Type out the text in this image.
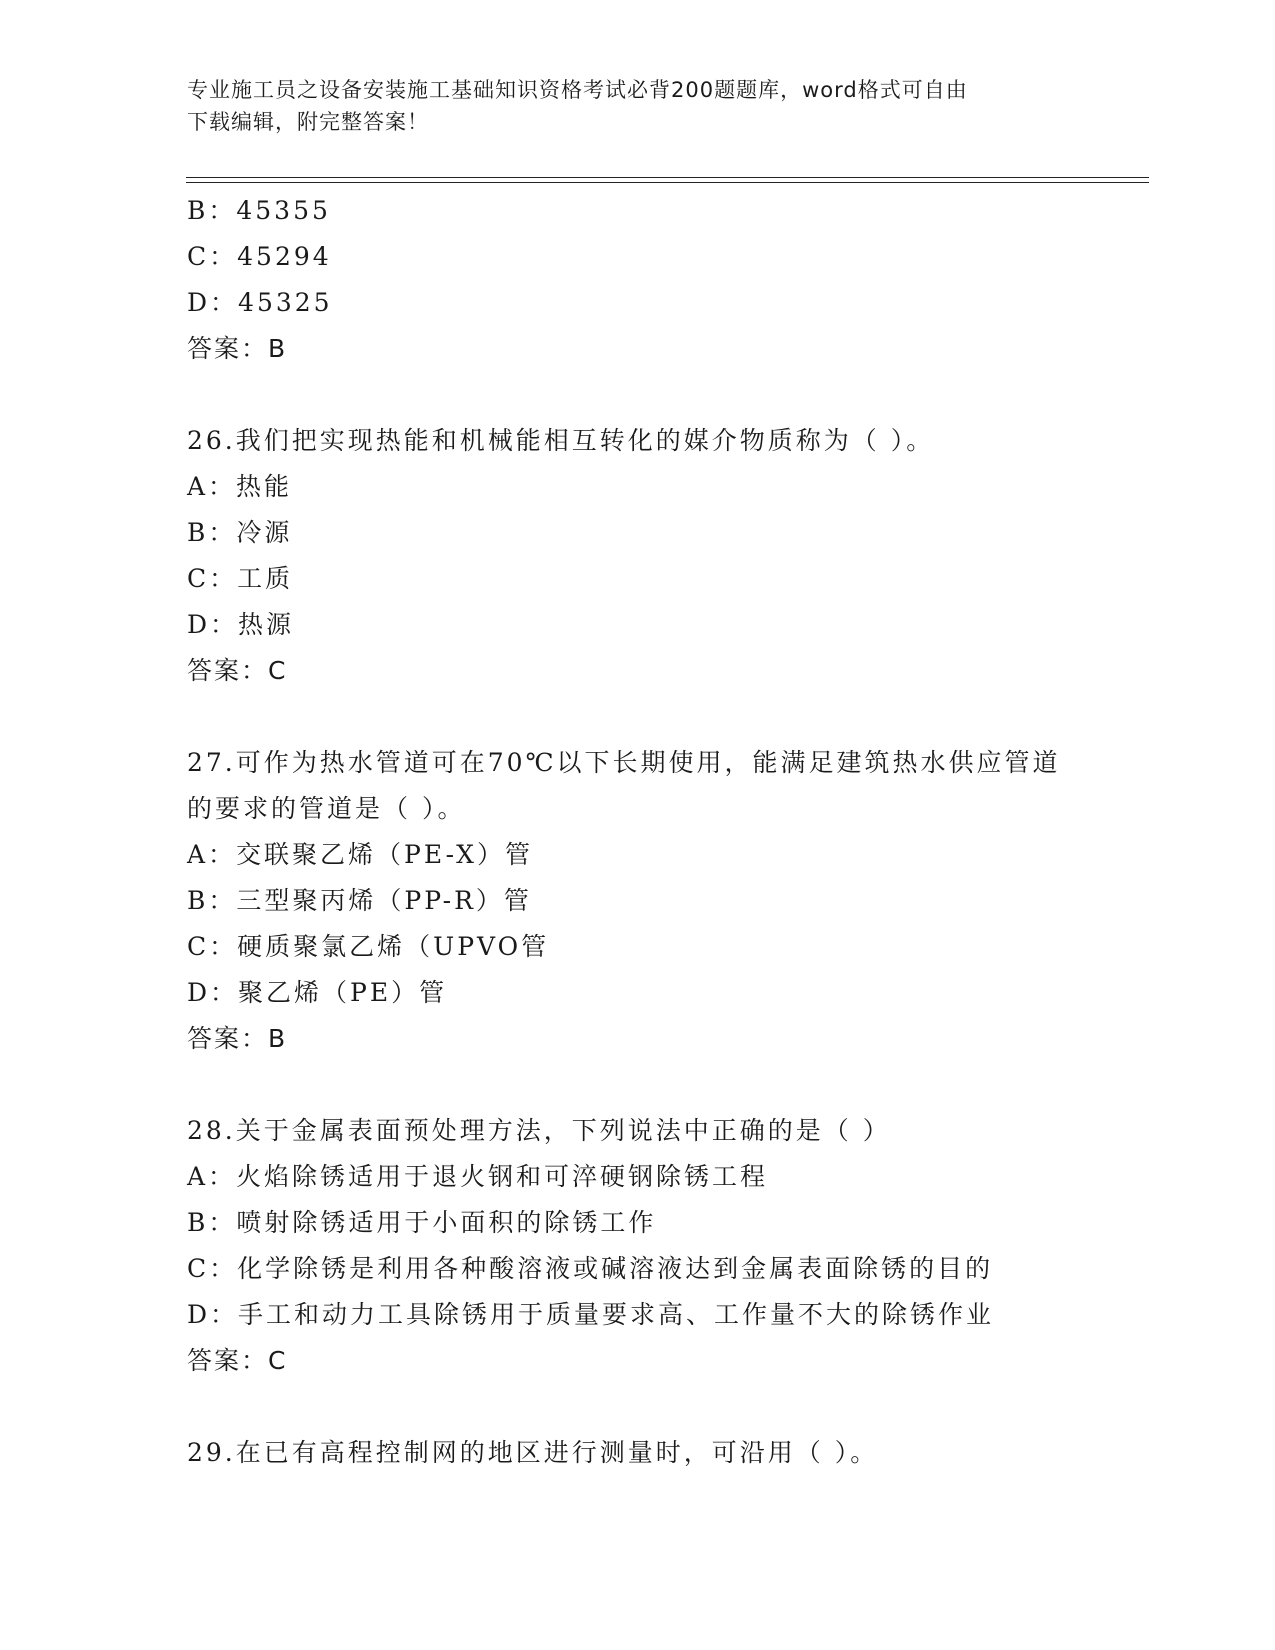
专业施工员之设备安装施工基础知识资格考试必背200题题库，word格式可自由
下载编辑，附完整答案！
B：45355
C：45294
D：45325
答案：B
26.我们把实现热能和机械能相互转化的媒介物质称为（ ）。
A：热能
B：冷源
C：工质
D：热源
答案：C
27.可作为热水管道可在70℃以下长期使用，能满足建筑热水供应管道
的要求的管道是（ ）。
A：交联聚乙烯（PE-X）管
B：三型聚丙烯（PP-R）管
C：硬质聚氯乙烯（UPVO管
D：聚乙烯（PE）管
答案：B
28.关于金属表面预处理方法，下列说法中正确的是（ ）
A：火焰除锈适用于退火钢和可淬硬钢除锈工程
B：喷射除锈适用于小面积的除锈工作
C：化学除锈是利用各种酸溶液或碱溶液达到金属表面除锈的目的
D：手工和动力工具除锈用于质量要求高、工作量不大的除锈作业
答案：C
29.在已有高程控制网的地区进行测量时，可沿用（ ）。
